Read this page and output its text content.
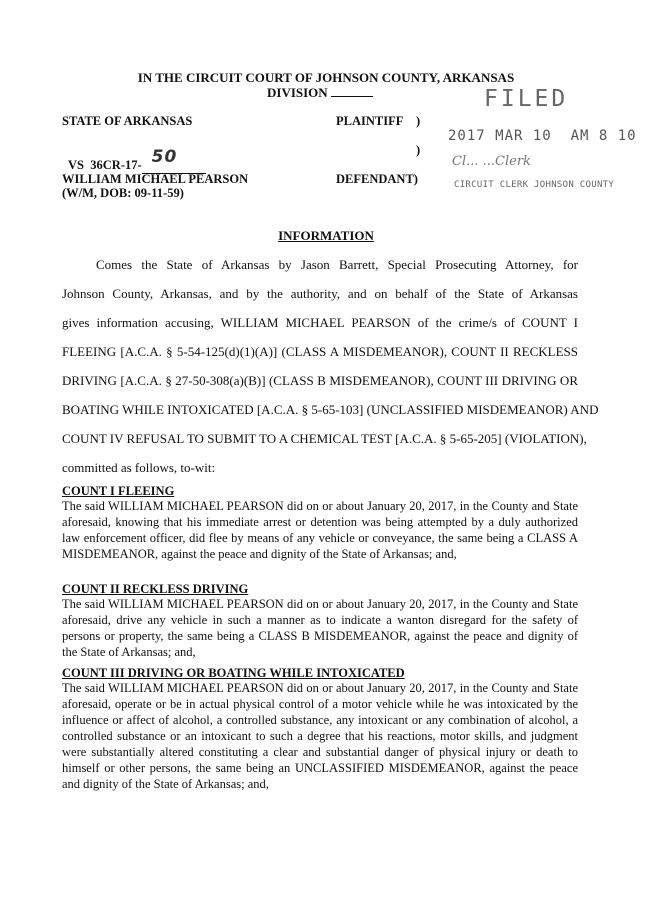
IN THE CIRCUIT COURT OF JOHNSON COUNTY, ARKANSAS
DIVISION
STATE OF ARKANSAS	PLAINTIFF )

VS  36CR-17- 50
	)
WILLIAM MICHAEL PEARSON
(W/M, DOB: 09-11-59)
DEFENDANT)
FILED
2017 MAR 10  AM 8 10
Cl... ...Clerk
CIRCUIT CLERK JOHNSON COUNTY
INFORMATION
Comes the State of Arkansas by Jason Barrett, Special Prosecuting Attorney, for
Johnson County, Arkansas, and by the authority, and on behalf of the State of Arkansas
gives information accusing, WILLIAM MICHAEL PEARSON of the crime/s of COUNT I
FLEEING [A.C.A. § 5-54-125(d)(1)(A)] (CLASS A MISDEMEANOR), COUNT II RECKLESS
DRIVING [A.C.A. § 27-50-308(a)(B)] (CLASS B MISDEMEANOR), COUNT III DRIVING OR
BOATING WHILE INTOXICATED [A.C.A. § 5-65-103] (UNCLASSIFIED MISDEMEANOR) AND
COUNT IV REFUSAL TO SUBMIT TO A CHEMICAL TEST [A.C.A. § 5-65-205] (VIOLATION),
committed as follows, to-wit:
COUNT I FLEEING
The said WILLIAM MICHAEL PEARSON did on or about January 20, 2017, in the County and State aforesaid, knowing that his immediate arrest or detention was being attempted by a duly authorized law enforcement officer, did flee by means of any vehicle or conveyance, the same being a CLASS A MISDEMEANOR, against the peace and dignity of the State of Arkansas; and,
COUNT II RECKLESS DRIVING
The said WILLIAM MICHAEL PEARSON did on or about January 20, 2017, in the County and State aforesaid, drive any vehicle in such a manner as to indicate a wanton disregard for the safety of persons or property, the same being a CLASS B MISDEMEANOR, against the peace and dignity of the State of Arkansas; and,
COUNT III DRIVING OR BOATING WHILE INTOXICATED
The said WILLIAM MICHAEL PEARSON did on or about January 20, 2017, in the County and State aforesaid, operate or be in actual physical control of a motor vehicle while he was intoxicated by the influence or affect of alcohol, a controlled substance, any intoxicant or any combination of alcohol, a controlled substance or an intoxicant to such a degree that his reactions, motor skills, and judgment were substantially altered constituting a clear and substantial danger of physical injury or death to himself or other persons, the same being an UNCLASSIFIED MISDEMEANOR, against the peace and dignity of the State of Arkansas; and,
